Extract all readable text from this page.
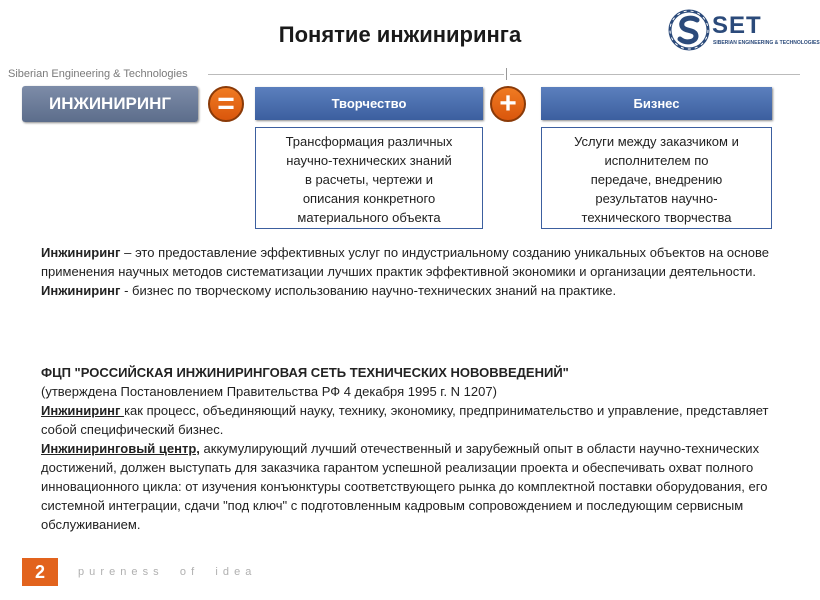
Понятие инжиниринга	SET
SIBERIAN ENGINEERING & TECHNOLOGIES
Siberian Engineering & Technologies
ИНЖИНИРИНГ =	Творчество	+	Бизнес
Трансформация различных
научно-технических знаний
в расчеты, чертежи и
описания конкретного
материального объекта
Услуги между заказчиком и
исполнителем по
передаче, внедрению
результатов научно-
технического творчества
Инжиниринг – это предоставление эффективных услуг по индустриальному созданию уникальных объектов на основе применения научных методов систематизации лучших практик эффективной экономики и организации деятельности.
Инжиниринг - бизнес по творческому использованию научно-технических знаний на практике.
ФЦП "РОССИЙСКАЯ ИНЖИНИРИНГОВАЯ СЕТЬ ТЕХНИЧЕСКИХ НОВОВВЕДЕНИЙ"
(утверждена Постановлением Правительства РФ 4 декабря 1995 г. N 1207)
Инжиниринг как процесс, объединяющий науку, технику, экономику, предпринимательство и управление, представляет собой специфический бизнес.
Инжиниринговый центр, аккумулирующий лучший отечественный и зарубежный опыт в области научно-технических достижений, должен выступать для заказчика гарантом успешной реализации проекта и обеспечивать охват полного инновационного цикла: от изучения конъюнктуры соответствующего рынка до комплектной поставки оборудования, его системной интеграции, сдачи "под ключ" с подготовленным кадровым сопровождением и последующим сервисным обслуживанием.
2	p u r e n e s s     o f     i d e a
